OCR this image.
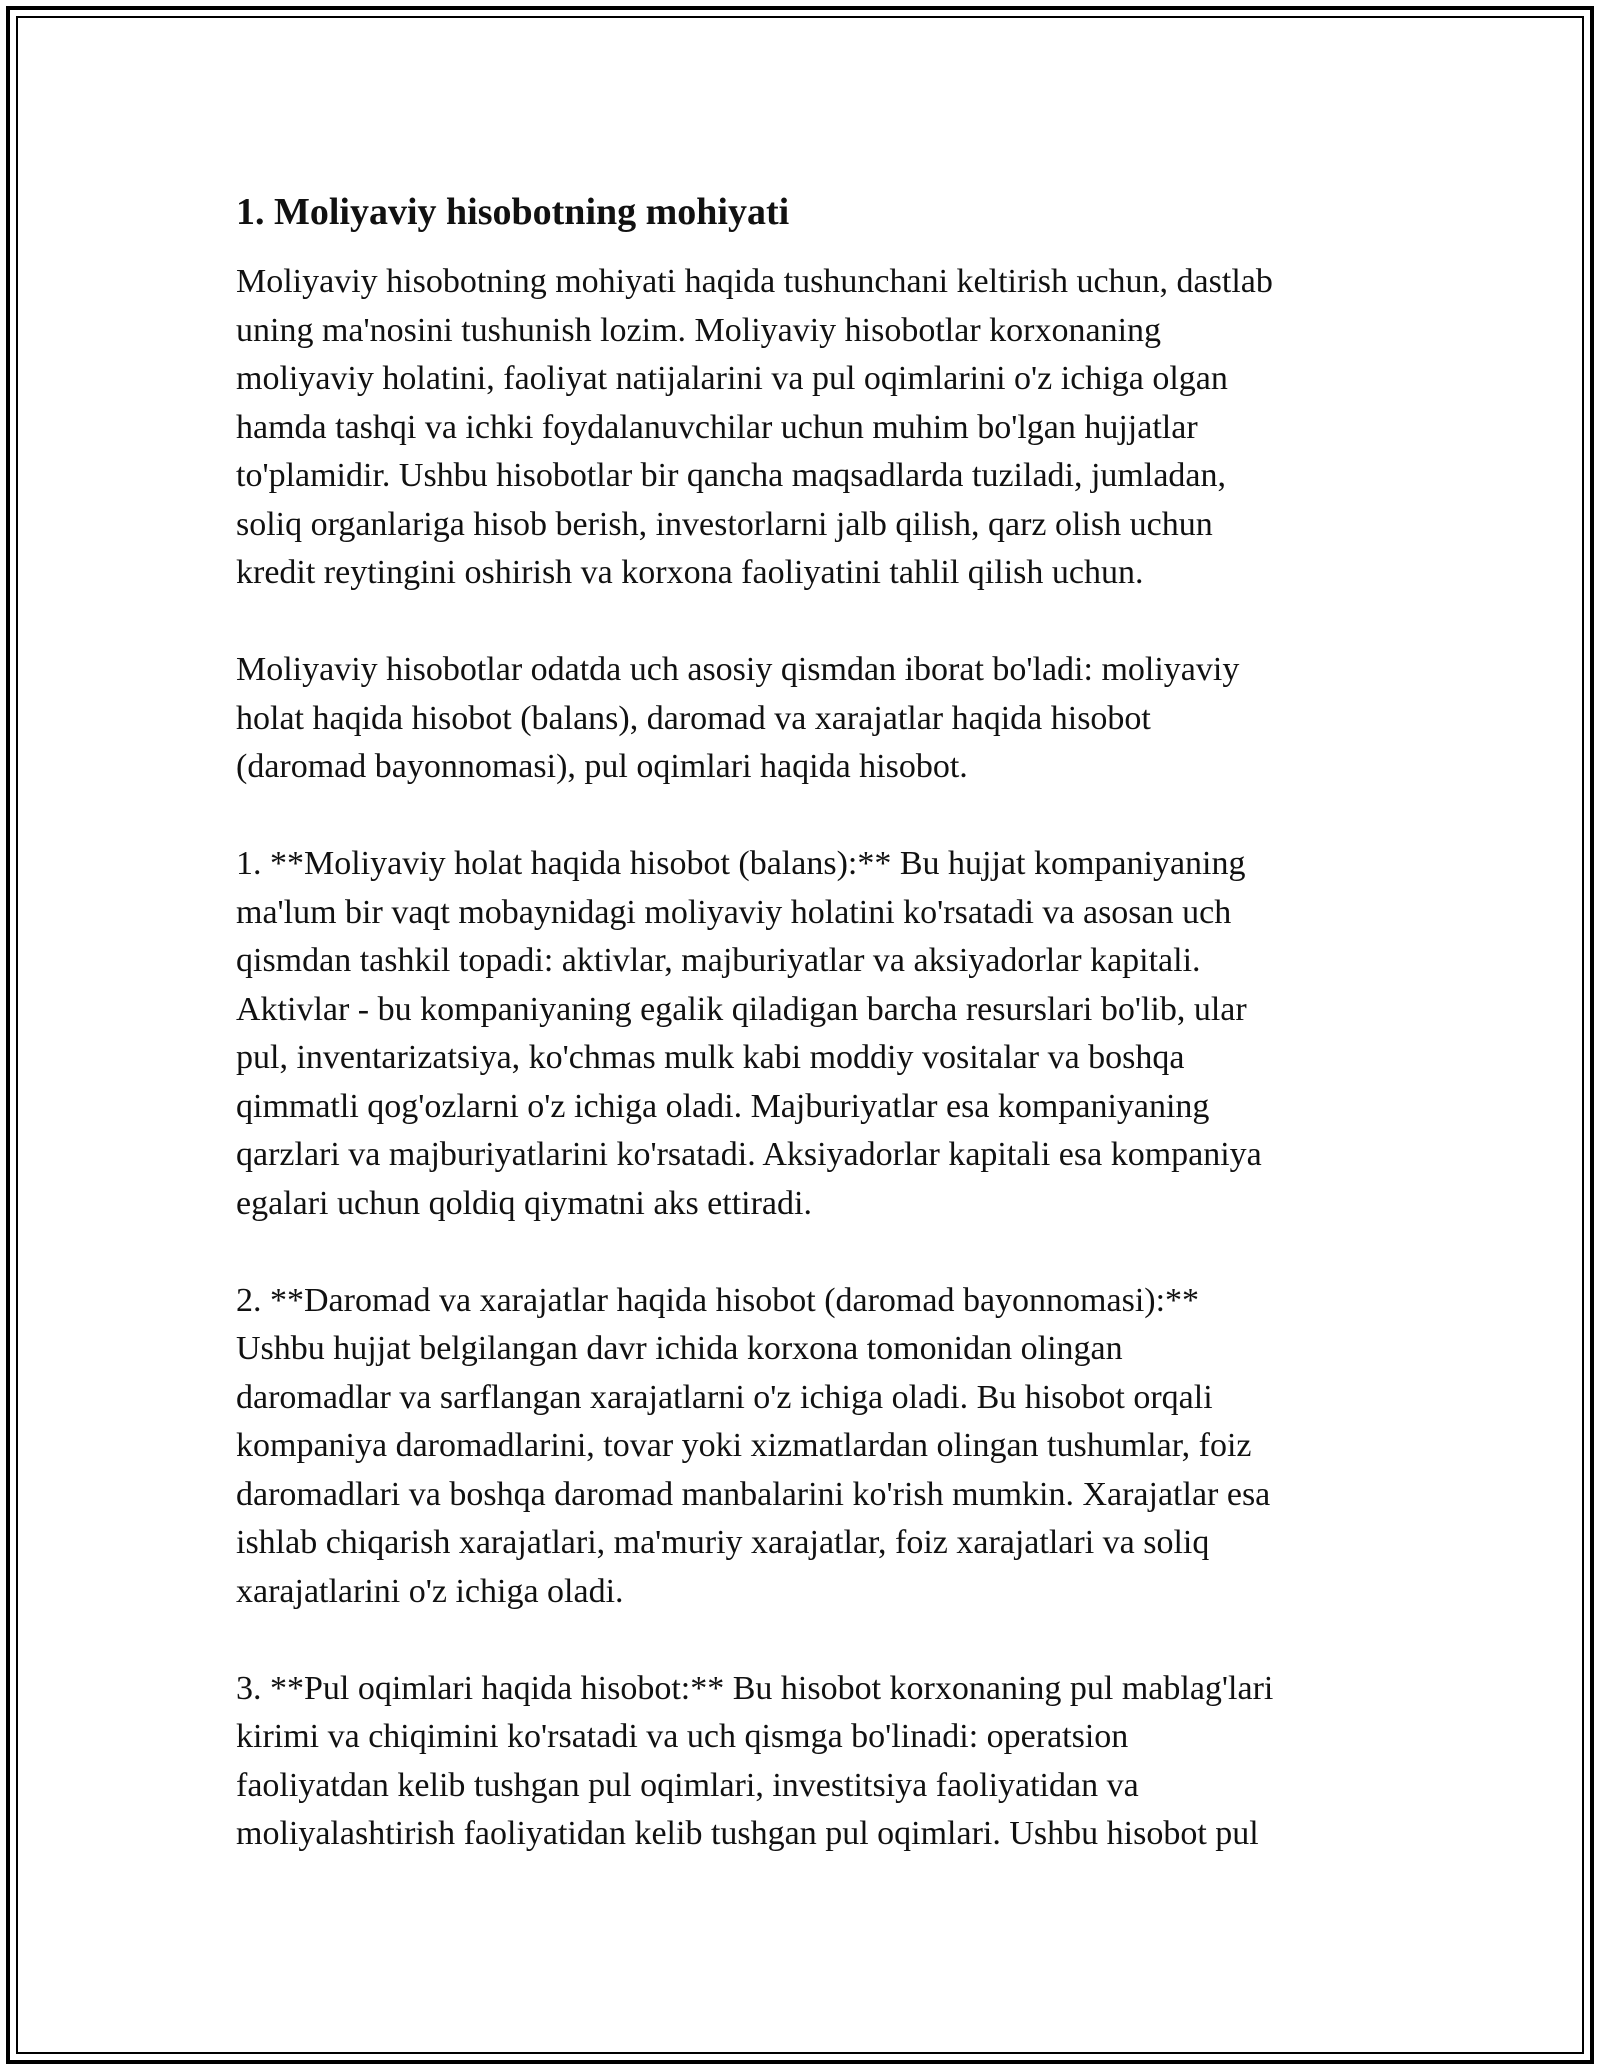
1. Moliyaviy hisobotning mohiyati

Moliyaviy hisobotning mohiyati haqida tushunchani keltirish uchun, dastlab
uning ma'nosini tushunish lozim. Moliyaviy hisobotlar korxonaning
moliyaviy holatini, faoliyat natijalarini va pul oqimlarini o'z ichiga olgan
hamda tashqi va ichki foydalanuvchilar uchun muhim bo'lgan hujjatlar
to'plamidir. Ushbu hisobotlar bir qancha maqsadlarda tuziladi, jumladan,
soliq organlariga hisob berish, investorlarni jalb qilish, qarz olish uchun
kredit reytingini oshirish va korxona faoliyatini tahlil qilish uchun.

Moliyaviy hisobotlar odatda uch asosiy qismdan iborat bo'ladi: moliyaviy
holat haqida hisobot (balans), daromad va xarajatlar haqida hisobot
(daromad bayonnomasi), pul oqimlari haqida hisobot.

1. **Moliyaviy holat haqida hisobot (balans):** Bu hujjat kompaniyaning
ma'lum bir vaqt mobaynidagi moliyaviy holatini ko'rsatadi va asosan uch
qismdan tashkil topadi: aktivlar, majburiyatlar va aksiyadorlar kapitali.
Aktivlar - bu kompaniyaning egalik qiladigan barcha resurslari bo'lib, ular
pul, inventarizatsiya, ko'chmas mulk kabi moddiy vositalar va boshqa
qimmatli qog'ozlarni o'z ichiga oladi. Majburiyatlar esa kompaniyaning
qarzlari va majburiyatlarini ko'rsatadi. Aksiyadorlar kapitali esa kompaniya
egalari uchun qoldiq qiymatni aks ettiradi.

2. **Daromad va xarajatlar haqida hisobot (daromad bayonnomasi):**
Ushbu hujjat belgilangan davr ichida korxona tomonidan olingan
daromadlar va sarflangan xarajatlarni o'z ichiga oladi. Bu hisobot orqali
kompaniya daromadlarini, tovar yoki xizmatlardan olingan tushumlar, foiz
daromadlari va boshqa daromad manbalarini ko'rish mumkin. Xarajatlar esa
ishlab chiqarish xarajatlari, ma'muriy xarajatlar, foiz xarajatlari va soliq
xarajatlarini o'z ichiga oladi.

3. **Pul oqimlari haqida hisobot:** Bu hisobot korxonaning pul mablag'lari
kirimi va chiqimini ko'rsatadi va uch qismga bo'linadi: operatsion
faoliyatdan kelib tushgan pul oqimlari, investitsiya faoliyatidan va
moliyalashtirish faoliyatidan kelib tushgan pul oqimlari. Ushbu hisobot pul
